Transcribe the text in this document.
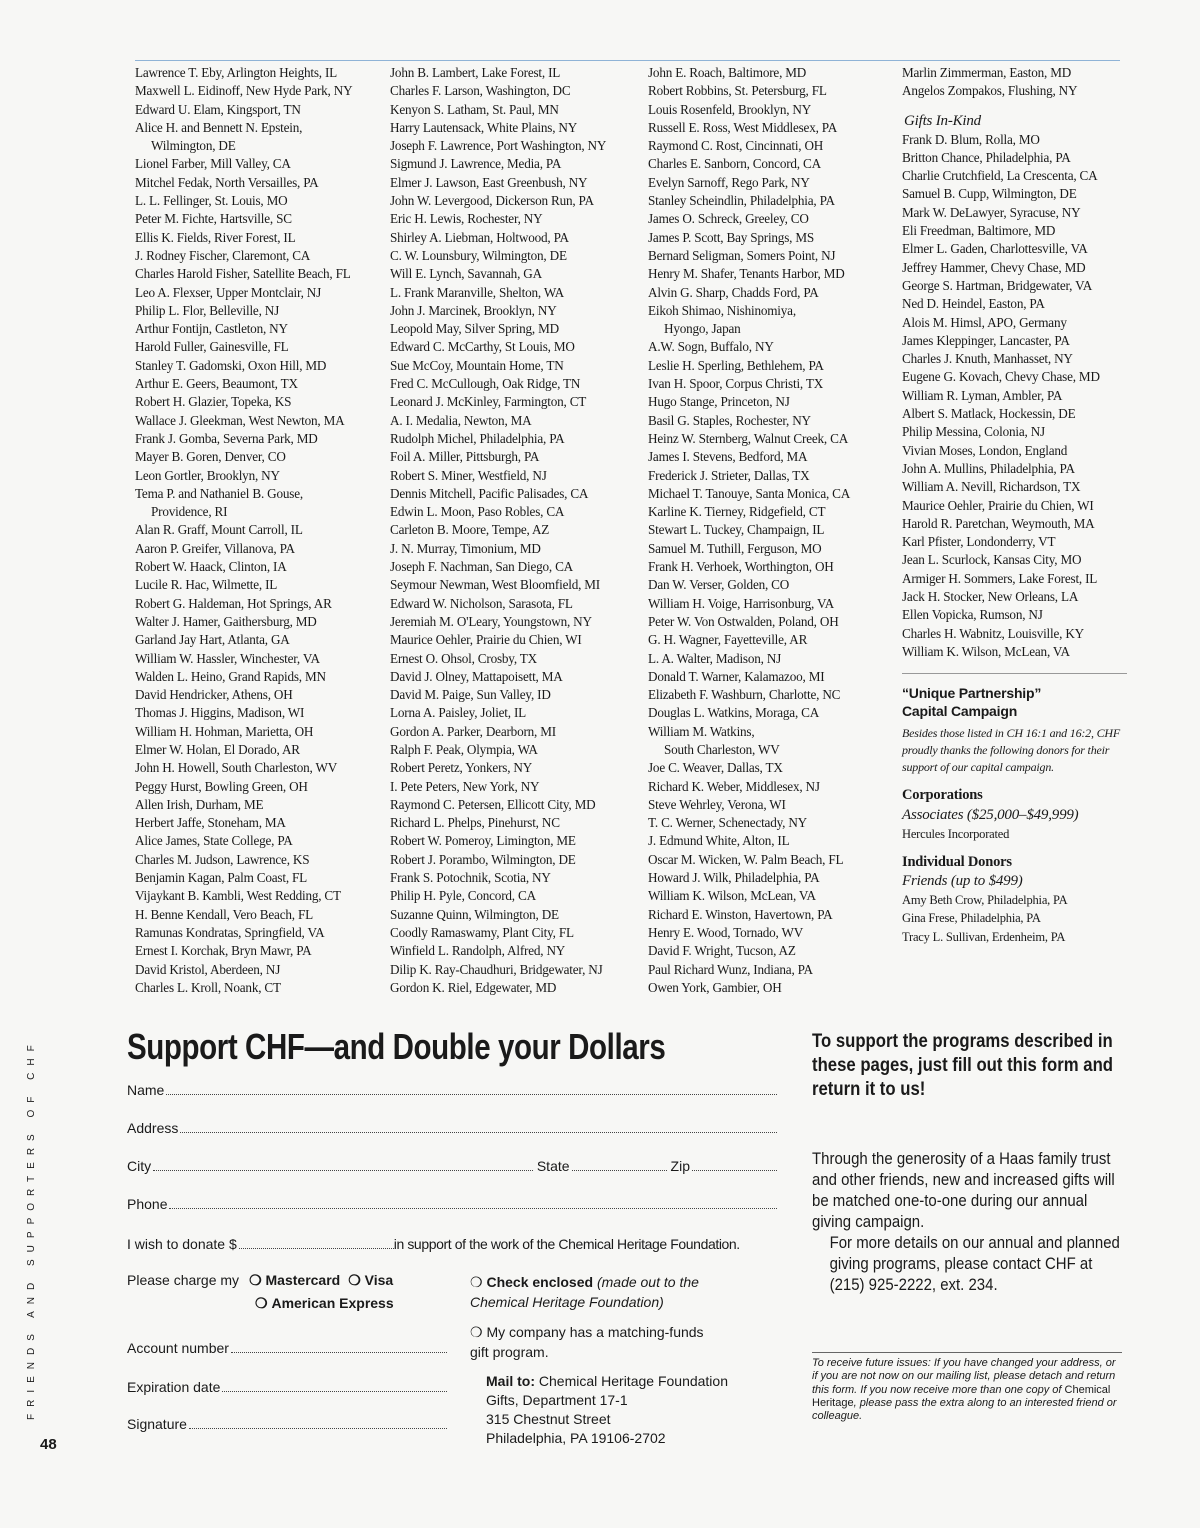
Lawrence T. Eby, Arlington Heights, IL
Maxwell L. Eidinoff, New Hyde Park, NY
Edward U. Elam, Kingsport, TN
Alice H. and Bennett N. Epstein,
Wilmington, DE
Lionel Farber, Mill Valley, CA
Mitchel Fedak, North Versailles, PA
L. L. Fellinger, St. Louis, MO
Peter M. Fichte, Hartsville, SC
Ellis K. Fields, River Forest, IL
J. Rodney Fischer, Claremont, CA
Charles Harold Fisher, Satellite Beach, FL
Leo A. Flexser, Upper Montclair, NJ
Philip L. Flor, Belleville, NJ
Arthur Fontijn, Castleton, NY
Harold Fuller, Gainesville, FL
Stanley T. Gadomski, Oxon Hill, MD
Arthur E. Geers, Beaumont, TX
Robert H. Glazier, Topeka, KS
Wallace J. Gleekman, West Newton, MA
Frank J. Gomba, Severna Park, MD
Mayer B. Goren, Denver, CO
Leon Gortler, Brooklyn, NY
Tema P. and Nathaniel B. Gouse,
Providence, RI
Alan R. Graff, Mount Carroll, IL
Aaron P. Greifer, Villanova, PA
Robert W. Haack, Clinton, IA
Lucile R. Hac, Wilmette, IL
Robert G. Haldeman, Hot Springs, AR
Walter J. Hamer, Gaithersburg, MD
Garland Jay Hart, Atlanta, GA
William W. Hassler, Winchester, VA
Walden L. Heino, Grand Rapids, MN
David Hendricker, Athens, OH
Thomas J. Higgins, Madison, WI
William H. Hohman, Marietta, OH
Elmer W. Holan, El Dorado, AR
John H. Howell, South Charleston, WV
Peggy Hurst, Bowling Green, OH
Allen Irish, Durham, ME
Herbert Jaffe, Stoneham, MA
Alice James, State College, PA
Charles M. Judson, Lawrence, KS
Benjamin Kagan, Palm Coast, FL
Vijaykant B. Kambli, West Redding, CT
H. Benne Kendall, Vero Beach, FL
Ramunas Kondratas, Springfield, VA
Ernest I. Korchak, Bryn Mawr, PA
David Kristol, Aberdeen, NJ
Charles L. Kroll, Noank, CT
John B. Lambert, Lake Forest, IL
Charles F. Larson, Washington, DC
Kenyon S. Latham, St. Paul, MN
Harry Lautensack, White Plains, NY
Joseph F. Lawrence, Port Washington, NY
Sigmund J. Lawrence, Media, PA
Elmer J. Lawson, East Greenbush, NY
John W. Levergood, Dickerson Run, PA
Eric H. Lewis, Rochester, NY
Shirley A. Liebman, Holtwood, PA
C. W. Lounsbury, Wilmington, DE
Will E. Lynch, Savannah, GA
L. Frank Maranville, Shelton, WA
John J. Marcinek, Brooklyn, NY
Leopold May, Silver Spring, MD
Edward C. McCarthy, St Louis, MO
Sue McCoy, Mountain Home, TN
Fred C. McCullough, Oak Ridge, TN
Leonard J. McKinley, Farmington, CT
A. I. Medalia, Newton, MA
Rudolph Michel, Philadelphia, PA
Foil A. Miller, Pittsburgh, PA
Robert S. Miner, Westfield, NJ
Dennis Mitchell, Pacific Palisades, CA
Edwin L. Moon, Paso Robles, CA
Carleton B. Moore, Tempe, AZ
J. N. Murray, Timonium, MD
Joseph F. Nachman, San Diego, CA
Seymour Newman, West Bloomfield, MI
Edward W. Nicholson, Sarasota, FL
Jeremiah M. O'Leary, Youngstown, NY
Maurice Oehler, Prairie du Chien, WI
Ernest O. Ohsol, Crosby, TX
David J. Olney, Mattapoisett, MA
David M. Paige, Sun Valley, ID
Lorna A. Paisley, Joliet, IL
Gordon A. Parker, Dearborn, MI
Ralph F. Peak, Olympia, WA
Robert Peretz, Yonkers, NY
I. Pete Peters, New York, NY
Raymond C. Petersen, Ellicott City, MD
Richard L. Phelps, Pinehurst, NC
Robert W. Pomeroy, Limington, ME
Robert J. Porambo, Wilmington, DE
Frank S. Potochnik, Scotia, NY
Philip H. Pyle, Concord, CA
Suzanne Quinn, Wilmington, DE
Coodly Ramaswamy, Plant City, FL
Winfield L. Randolph, Alfred, NY
Dilip K. Ray-Chaudhuri, Bridgewater, NJ
Gordon K. Riel, Edgewater, MD
John E. Roach, Baltimore, MD
Robert Robbins, St. Petersburg, FL
Louis Rosenfeld, Brooklyn, NY
Russell E. Ross, West Middlesex, PA
Raymond C. Rost, Cincinnati, OH
Charles E. Sanborn, Concord, CA
Evelyn Sarnoff, Rego Park, NY
Stanley Scheindlin, Philadelphia, PA
James O. Schreck, Greeley, CO
James P. Scott, Bay Springs, MS
Bernard Seligman, Somers Point, NJ
Henry M. Shafer, Tenants Harbor, MD
Alvin G. Sharp, Chadds Ford, PA
Eikoh Shimao, Nishinomiya,
Hyongo, Japan
A.W. Sogn, Buffalo, NY
Leslie H. Sperling, Bethlehem, PA
Ivan H. Spoor, Corpus Christi, TX
Hugo Stange, Princeton, NJ
Basil G. Staples, Rochester, NY
Heinz W. Sternberg, Walnut Creek, CA
James I. Stevens, Bedford, MA
Frederick J. Strieter, Dallas, TX
Michael T. Tanouye, Santa Monica, CA
Karline K. Tierney, Ridgefield, CT
Stewart L. Tuckey, Champaign, IL
Samuel M. Tuthill, Ferguson, MO
Frank H. Verhoek, Worthington, OH
Dan W. Verser, Golden, CO
William H. Voige, Harrisonburg, VA
Peter W. Von Ostwalden, Poland, OH
G. H. Wagner, Fayetteville, AR
L. A. Walter, Madison, NJ
Donald T. Warner, Kalamazoo, MI
Elizabeth F. Washburn, Charlotte, NC
Douglas L. Watkins, Moraga, CA
William M. Watkins,
South Charleston, WV
Joe C. Weaver, Dallas, TX
Richard K. Weber, Middlesex, NJ
Steve Wehrley, Verona, WI
T. C. Werner, Schenectady, NY
J. Edmund White, Alton, IL
Oscar M. Wicken, W. Palm Beach, FL
Howard J. Wilk, Philadelphia, PA
William K. Wilson, McLean, VA
Richard E. Winston, Havertown, PA
Henry E. Wood, Tornado, WV
David F. Wright, Tucson, AZ
Paul Richard Wunz, Indiana, PA
Owen York, Gambier, OH
Marlin Zimmerman, Easton, MD
Angelos Zompakos, Flushing, NY
Gifts In-Kind
Frank D. Blum, Rolla, MO
Britton Chance, Philadelphia, PA
Charlie Crutchfield, La Crescenta, CA
Samuel B. Cupp, Wilmington, DE
Mark W. DeLawyer, Syracuse, NY
Eli Freedman, Baltimore, MD
Elmer L. Gaden, Charlottesville, VA
Jeffrey Hammer, Chevy Chase, MD
George S. Hartman, Bridgewater, VA
Ned D. Heindel, Easton, PA
Alois M. Himsl, APO, Germany
James Kleppinger, Lancaster, PA
Charles J. Knuth, Manhasset, NY
Eugene G. Kovach, Chevy Chase, MD
William R. Lyman, Ambler, PA
Albert S. Matlack, Hockessin, DE
Philip Messina, Colonia, NJ
Vivian Moses, London, England
John A. Mullins, Philadelphia, PA
William A. Nevill, Richardson, TX
Maurice Oehler, Prairie du Chien, WI
Harold R. Paretchan, Weymouth, MA
Karl Pfister, Londonderry, VT
Jean L. Scurlock, Kansas City, MO
Armiger H. Sommers, Lake Forest, IL
Jack H. Stocker, New Orleans, LA
Ellen Vopicka, Rumson, NJ
Charles H. Wabnitz, Louisville, KY
William K. Wilson, McLean, VA
“Unique Partnership”
Capital Campaign
Besides those listed in CH 16:1 and 16:2, CHF proudly thanks the following donors for their support of our capital campaign.
Corporations
Associates ($25,000–$49,999)
Hercules Incorporated
Individual Donors
Friends (up to $499)
Amy Beth Crow, Philadelphia, PA
Gina Frese, Philadelphia, PA
Tracy L. Sullivan, Erdenheim, PA
FRIENDS AND SUPPORTERS OF CHF
48
Support CHF—and Double your Dollars
Name
Address
City	State	Zip
Phone
I wish to donate $	in support of the work of the Chemical Heritage Foundation.
Please charge my ❍ Mastercard ❍ Visa
❍ American Express
❍ Check enclosed (made out to the Chemical Heritage Foundation)
❍ My company has a matching-funds gift program.
Account number
Expiration date
Signature
Mail to: Chemical Heritage Foundation
Gifts, Department 17-1
315 Chestnut Street
Philadelphia, PA 19106-2702
To support the programs described in these pages, just fill out this form and return it to us!
Through the generosity of a Haas family trust and other friends, new and increased gifts will be matched one-to-one during our annual giving campaign.
For more details on our annual and planned giving programs, please contact CHF at (215) 925-2222, ext. 234.
To receive future issues: If you have changed your address, or if you are not now on our mailing list, please detach and return this form. If you now receive more than one copy of Chemical Heritage, please pass the extra along to an interested friend or colleague.
